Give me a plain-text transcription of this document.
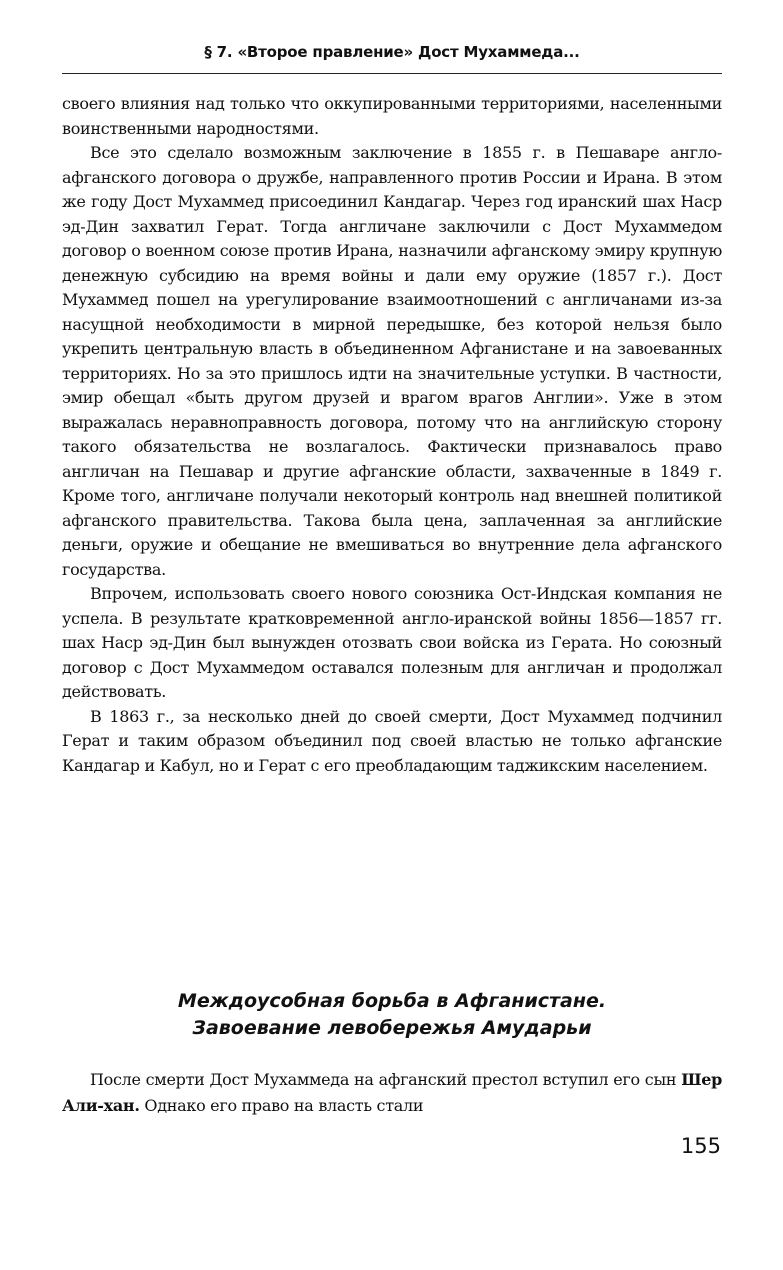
§ 7. «Второе правление» Дост Мухаммеда...

своего влияния над только что оккупированными территориями, населенными воинственными народностями.

Все это сделало возможным заключение в 1855 г. в Пешаваре англо-афганского договора о дружбе, направленного против России и Ирана. В этом же году Дост Мухаммед присоединил Кандагар. Через год иранский шах Наср эд-Дин захватил Герат. Тогда англичане заключили с Дост Мухаммедом договор о военном союзе против Ирана, назначили афганскому эмиру крупную денежную субсидию на время войны и дали ему оружие (1857 г.). Дост Мухаммед пошел на урегулирование взаимоотношений с англичанами из-за насущной необходимости в мирной передышке, без которой нельзя было укрепить центральную власть в объединенном Афганистане и на завоеванных территориях. Но за это пришлось идти на значительные уступки. В частности, эмир обещал «быть другом друзей и врагом врагов Англии». Уже в этом выражалась неравноправность договора, потому что на английскую сторону такого обязательства не возлагалось. Фактически признавалось право англичан на Пешавар и другие афганские области, захваченные в 1849 г. Кроме того, англичане получали некоторый контроль над внешней политикой афганского правительства. Такова была цена, заплаченная за английские деньги, оружие и обещание не вмешиваться во внутренние дела афганского государства.

Впрочем, использовать своего нового союзника Ост-Индская компания не успела. В результате кратковременной англо-иранской войны 1856—1857 гг. шах Наср эд-Дин был вынужден отозвать свои войска из Герата. Но союзный договор с Дост Мухаммедом оставался полезным для англичан и продолжал действовать.

В 1863 г., за несколько дней до своей смерти, Дост Мухаммед подчинил Герат и таким образом объединил под своей властью не только афганские Кандагар и Кабул, но и Герат с его преобладающим таджикским населением.

Междоусобная борьба в Афганистане.
Завоевание левобережья Амударьи

После смерти Дост Мухаммеда на афганский престол вступил его сын Шер Али-хан. Однако его право на власть стали

155
